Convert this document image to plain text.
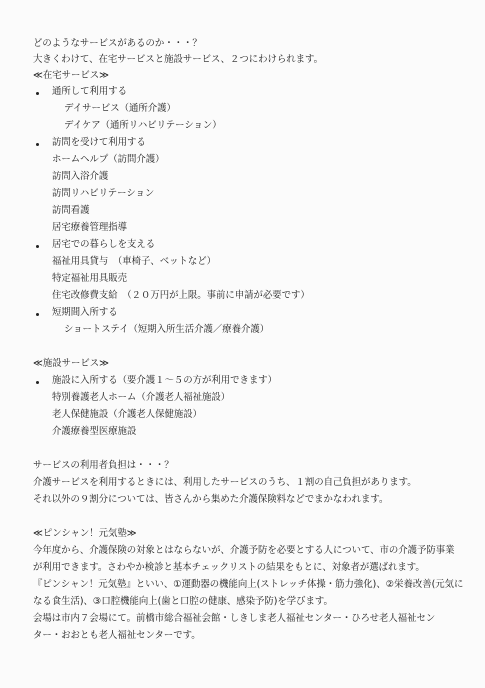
どのようなサービスがあるのか・・・？
大きくわけて、在宅サービスと施設サービス、２つにわけられます。
≪在宅サービス≫
通所して利用する
デイサービス（通所介護）
デイケア（通所リハビリテーション）
訪問を受けて利用する
ホームヘルプ（訪問介護）
訪問入浴介護
訪問リハビリテーション
訪問看護
居宅療養管理指導
居宅での暮らしを支える
福祉用具貸与　（車椅子、ベットなど）
特定福祉用具販売
住宅改修費支給　（２０万円が上限。事前に申請が必要です）
短期間入所する
ショートステイ（短期入所生活介護／療養介護）
≪施設サービス≫
施設に入所する（要介護１～５の方が利用できます）
特別養護老人ホーム（介護老人福祉施設）
老人保健施設（介護老人保健施設）
介護療養型医療施設
サービスの利用者負担は・・・？
介護サービスを利用するときには、利用したサービスのうち、１割の自己負担があります。
それ以外の９割分については、皆さんから集めた介護保険料などでまかなわれます。
≪ピンシャン！元気塾≫
今年度から、介護保険の対象とはならないが、介護予防を必要とする人について、市の介護予防事業
が利用できます。さわやか検診と基本チェックリストの結果をもとに、対象者が選ばれます。
『ピンシャン！元気塾』といい、①運動器の機能向上(ストレッチ体操・筋力強化)、②栄養改善(元気に
なる食生活)、③口腔機能向上(歯と口腔の健康、感染予防)を学びます。
会場は市内７会場にて。前橋市総合福祉会館・しきしま老人福祉センター・ひろせ老人福祉セン
ター・おおとも老人福祉センターです。
